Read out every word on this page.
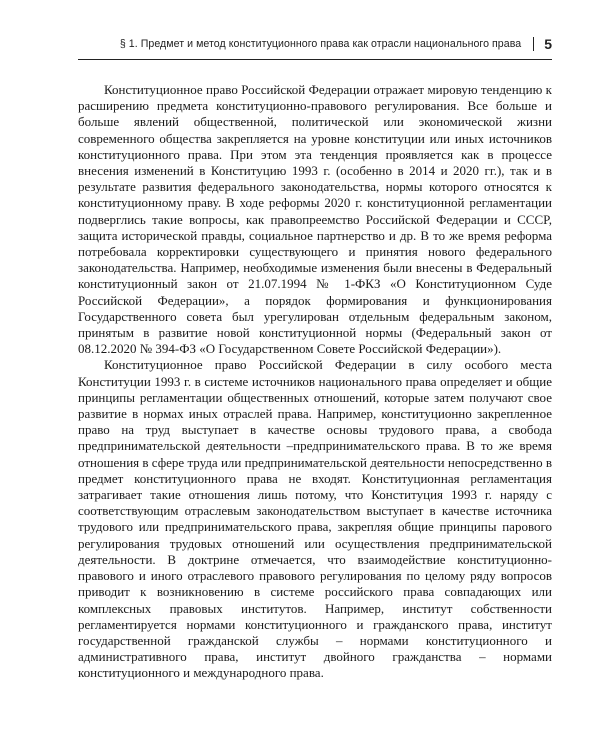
§ 1. Предмет и метод конституционного права как отрасли национального права 5

Конституционное право Российской Федерации отражает мировую тенденцию к расширению предмета конституционно-правового регулирования. Все больше и больше явлений общественной, политической или экономической жизни современного общества закрепляется на уровне конституции или иных источников конституционного права. При этом эта тенденция проявляется как в процессе внесения изменений в Конституцию 1993 г. (особенно в 2014 и 2020 гг.), так и в результате развития федерального законодательства, нормы которого относятся к конституционному праву. В ходе реформы 2020 г. конституционной регламентации подверглись такие вопросы, как правопреемство Российской Федерации и СССР, защита исторической правды, социальное партнерство и др. В то же время реформа потребовала корректировки существующего и принятия нового федерального законодательства. Например, необходимые изменения были внесены в Федеральный конституционный закон от 21.07.1994 № 1-ФКЗ «О Конституционном Суде Российской Федерации», а порядок формирования и функционирования Государственного совета был урегулирован отдельным федеральным законом, принятым в развитие новой конституционной нормы (Федеральный закон от 08.12.2020 № 394-ФЗ «О Государственном Совете Российской Федерации»).

Конституционное право Российской Федерации в силу особого места Конституции 1993 г. в системе источников национального права определяет и общие принципы регламентации общественных отношений, которые затем получают свое развитие в нормах иных отраслей права. Например, конституционно закрепленное право на труд выступает в качестве основы трудового права, а свобода предпринимательской деятельности –предпринимательского права. В то же время отношения в сфере труда или предпринимательской деятельности непосредственно в предмет конституционного права не входят. Конституционная регламентация затрагивает такие отношения лишь потому, что Конституция 1993 г. наряду с соответствующим отраслевым законодательством выступает в качестве источника трудового или предпринимательского права, закрепляя общие принципы парового регулирования трудовых отношений или осуществления предпринимательской деятельности. В доктрине отмечается, что взаимодействие конституционно-правового и иного отраслевого правового регулирования по целому ряду вопросов приводит к возникновению в системе российского права совпадающих или комплексных правовых институтов. Например, институт собственности регламентируется нормами конституционного и гражданского права, институт государственной гражданской службы – нормами конституционного и административного права, институт двойного гражданства – нормами конституционного и международного права.
